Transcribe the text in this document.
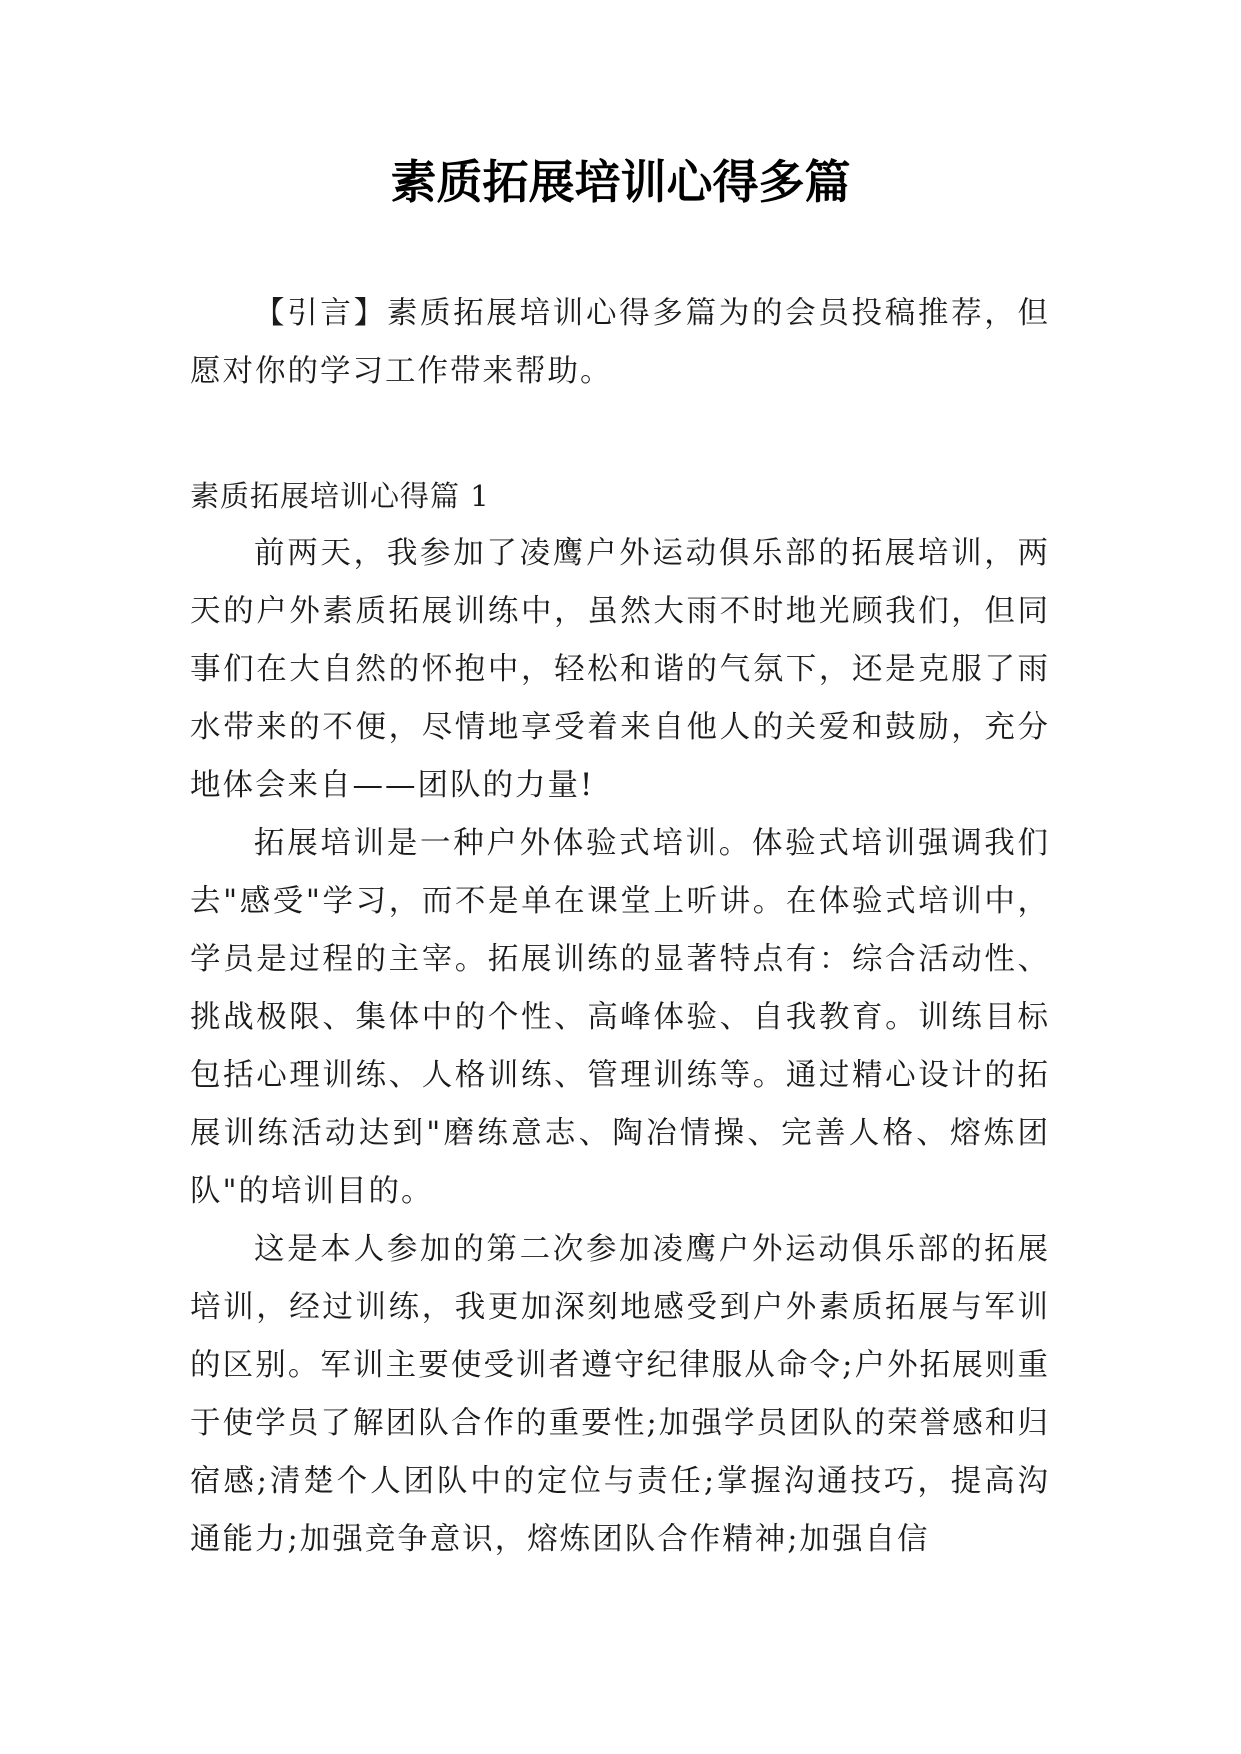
素质拓展培训心得多篇

【引言】素质拓展培训心得多篇为的会员投稿推荐，但愿对你的学习工作带来帮助。

素质拓展培训心得篇 1

前两天，我参加了凌鹰户外运动俱乐部的拓展培训，两天的户外素质拓展训练中，虽然大雨不时地光顾我们，但同事们在大自然的怀抱中，轻松和谐的气氛下，还是克服了雨水带来的不便，尽情地享受着来自他人的关爱和鼓励，充分地体会来自——团队的力量!

拓展培训是一种户外体验式培训。体验式培训强调我们去"感受"学习，而不是单在课堂上听讲。在体验式培训中，学员是过程的主宰。拓展训练的显著特点有：综合活动性、挑战极限、集体中的个性、高峰体验、自我教育。训练目标包括心理训练、人格训练、管理训练等。通过精心设计的拓展训练活动达到"磨练意志、陶冶情操、完善人格、熔炼团队"的培训目的。

这是本人参加的第二次参加凌鹰户外运动俱乐部的拓展培训，经过训练，我更加深刻地感受到户外素质拓展与军训的区别。军训主要使受训者遵守纪律服从命令;户外拓展则重于使学员了解团队合作的重要性;加强学员团队的荣誉感和归宿感;清楚个人团队中的定位与责任;掌握沟通技巧，提高沟通能力;加强竞争意识，熔炼团队合作精神;加强自信
